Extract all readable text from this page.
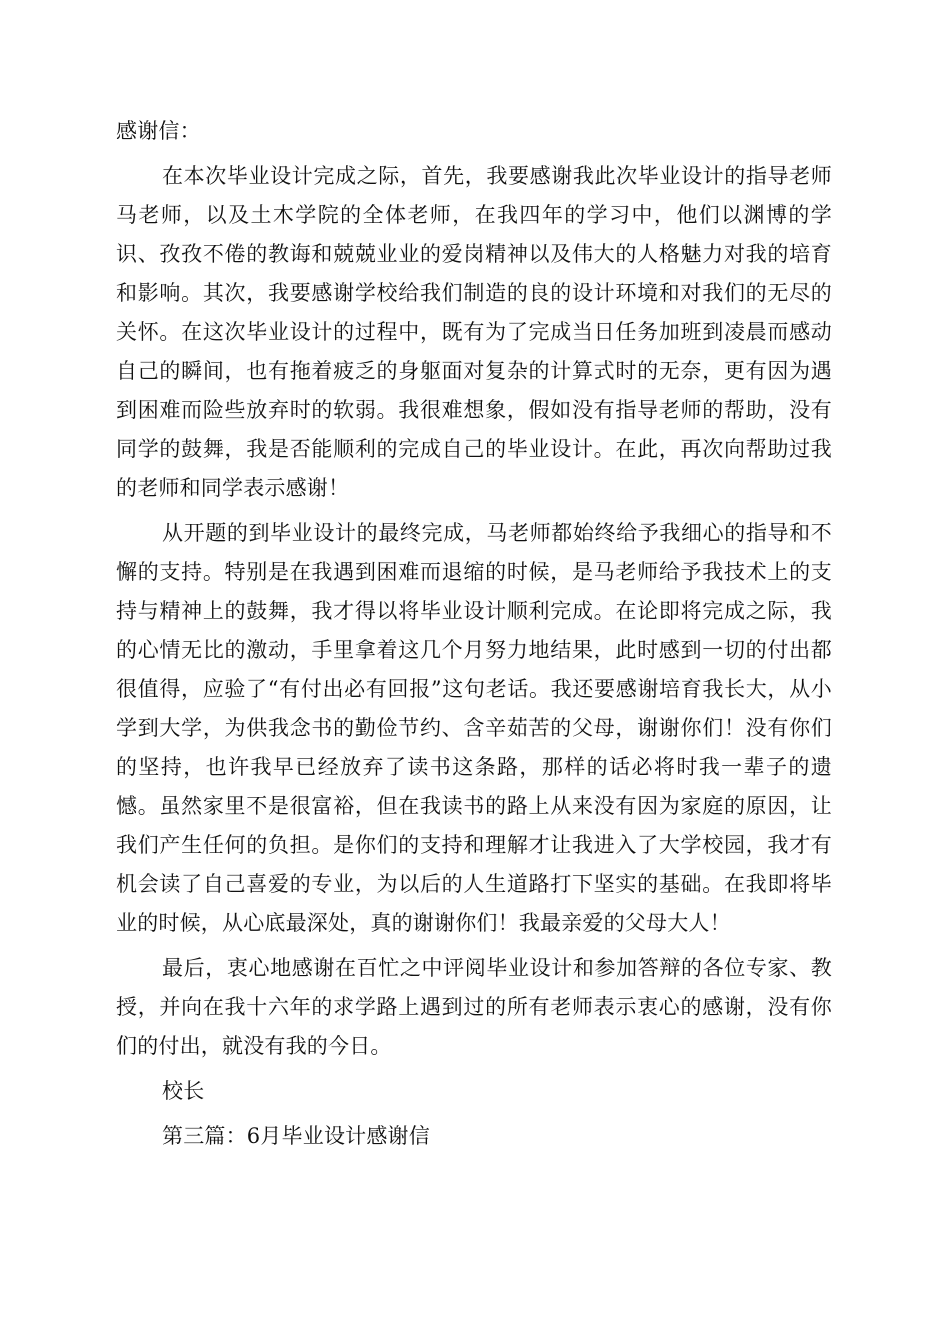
感谢信：

在本次毕业设计完成之际，首先，我要感谢我此次毕业设计的指导老师马老师，以及土木学院的全体老师，在我四年的学习中，他们以渊博的学识、孜孜不倦的教诲和兢兢业业的爱岗精神以及伟大的人格魅力对我的培育和影响。其次，我要感谢学校给我们制造的良的设计环境和对我们的无尽的关怀。在这次毕业设计的过程中，既有为了完成当日任务加班到凌晨而感动自己的瞬间，也有拖着疲乏的身躯面对复杂的计算式时的无奈，更有因为遇到困难而险些放弃时的软弱。我很难想象，假如没有指导老师的帮助，没有同学的鼓舞，我是否能顺利的完成自己的毕业设计。在此，再次向帮助过我的老师和同学表示感谢！

从开题的到毕业设计的最终完成，马老师都始终给予我细心的指导和不懈的支持。特别是在我遇到困难而退缩的时候，是马老师给予我技术上的支持与精神上的鼓舞，我才得以将毕业设计顺利完成。在论即将完成之际，我的心情无比的激动，手里拿着这几个月努力地结果，此时感到一切的付出都很值得，应验了“有付出必有回报”这句老话。我还要感谢培育我长大，从小学到大学，为供我念书的勤俭节约、含辛茹苦的父母，谢谢你们！没有你们的坚持，也许我早已经放弃了读书这条路，那样的话必将时我一辈子的遗憾。虽然家里不是很富裕，但在我读书的路上从来没有因为家庭的原因，让我们产生任何的负担。是你们的支持和理解才让我进入了大学校园，我才有机会读了自己喜爱的专业，为以后的人生道路打下坚实的基础。在我即将毕业的时候，从心底最深处，真的谢谢你们！我最亲爱的父母大人！

最后，衷心地感谢在百忙之中评阅毕业设计和参加答辩的各位专家、教授，并向在我十六年的求学路上遇到过的所有老师表示衷心的感谢，没有你们的付出，就没有我的今日。

校长

第三篇：6月毕业设计感谢信
